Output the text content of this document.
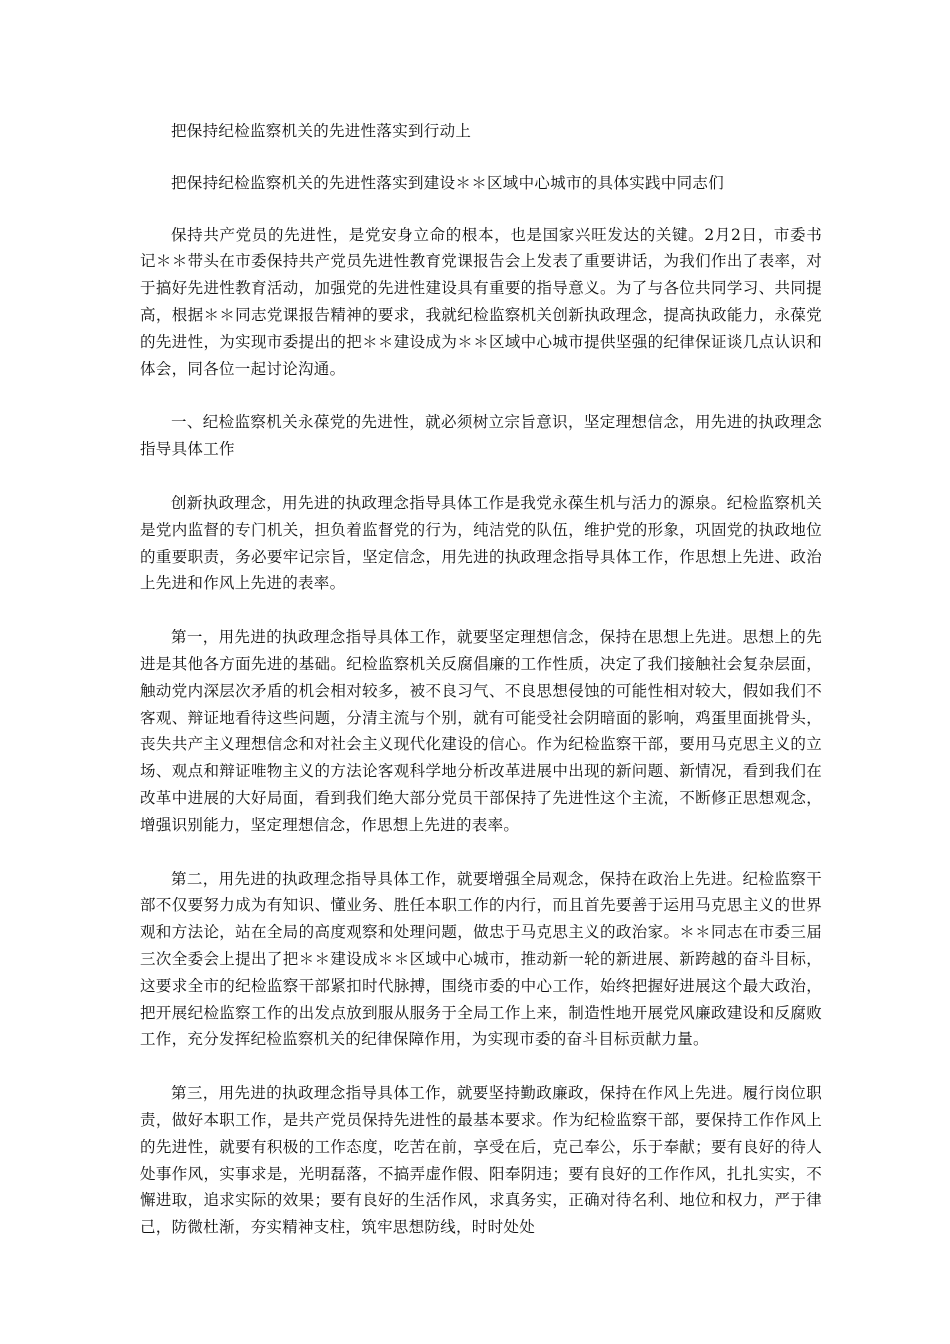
把保持纪检监察机关的先进性落实到行动上

把保持纪检监察机关的先进性落实到建设＊＊区域中心城市的具体实践中同志们

保持共产党员的先进性，是党安身立命的根本，也是国家兴旺发达的关键。2月2日，市委书记＊＊带头在市委保持共产党员先进性教育党课报告会上发表了重要讲话，为我们作出了表率，对于搞好先进性教育活动，加强党的先进性建设具有重要的指导意义。为了与各位共同学习、共同提高，根据＊＊同志党课报告精神的要求，我就纪检监察机关创新执政理念，提高执政能力，永葆党的先进性，为实现市委提出的把＊＊建设成为＊＊区域中心城市提供坚强的纪律保证谈几点认识和体会，同各位一起讨论沟通。

一、纪检监察机关永葆党的先进性，就必须树立宗旨意识，坚定理想信念，用先进的执政理念指导具体工作

创新执政理念，用先进的执政理念指导具体工作是我党永葆生机与活力的源泉。纪检监察机关是党内监督的专门机关，担负着监督党的行为，纯洁党的队伍，维护党的形象，巩固党的执政地位的重要职责，务必要牢记宗旨，坚定信念，用先进的执政理念指导具体工作，作思想上先进、政治上先进和作风上先进的表率。

第一，用先进的执政理念指导具体工作，就要坚定理想信念，保持在思想上先进。思想上的先进是其他各方面先进的基础。纪检监察机关反腐倡廉的工作性质，决定了我们接触社会复杂层面，触动党内深层次矛盾的机会相对较多，被不良习气、不良思想侵蚀的可能性相对较大，假如我们不客观、辩证地看待这些问题，分清主流与个别，就有可能受社会阴暗面的影响，鸡蛋里面挑骨头，丧失共产主义理想信念和对社会主义现代化建设的信心。作为纪检监察干部，要用马克思主义的立场、观点和辩证唯物主义的方法论客观科学地分析改革进展中出现的新问题、新情况，看到我们在改革中进展的大好局面，看到我们绝大部分党员干部保持了先进性这个主流，不断修正思想观念，增强识别能力，坚定理想信念，作思想上先进的表率。

第二，用先进的执政理念指导具体工作，就要增强全局观念，保持在政治上先进。纪检监察干部不仅要努力成为有知识、懂业务、胜任本职工作的内行，而且首先要善于运用马克思主义的世界观和方法论，站在全局的高度观察和处理问题，做忠于马克思主义的政治家。＊＊同志在市委三届三次全委会上提出了把＊＊建设成＊＊区域中心城市，推动新一轮的新进展、新跨越的奋斗目标，这要求全市的纪检监察干部紧扣时代脉搏，围绕市委的中心工作，始终把握好进展这个最大政治，把开展纪检监察工作的出发点放到服从服务于全局工作上来，制造性地开展党风廉政建设和反腐败工作，充分发挥纪检监察机关的纪律保障作用，为实现市委的奋斗目标贡献力量。

第三，用先进的执政理念指导具体工作，就要坚持勤政廉政，保持在作风上先进。履行岗位职责，做好本职工作，是共产党员保持先进性的最基本要求。作为纪检监察干部，要保持工作作风上的先进性，就要有积极的工作态度，吃苦在前，享受在后，克己奉公，乐于奉献；要有良好的待人处事作风，实事求是，光明磊落，不搞弄虚作假、阳奉阴违；要有良好的工作作风，扎扎实实，不懈进取，追求实际的效果；要有良好的生活作风，求真务实，正确对待名利、地位和权力，严于律己，防微杜渐，夯实精神支柱，筑牢思想防线，时时处处
